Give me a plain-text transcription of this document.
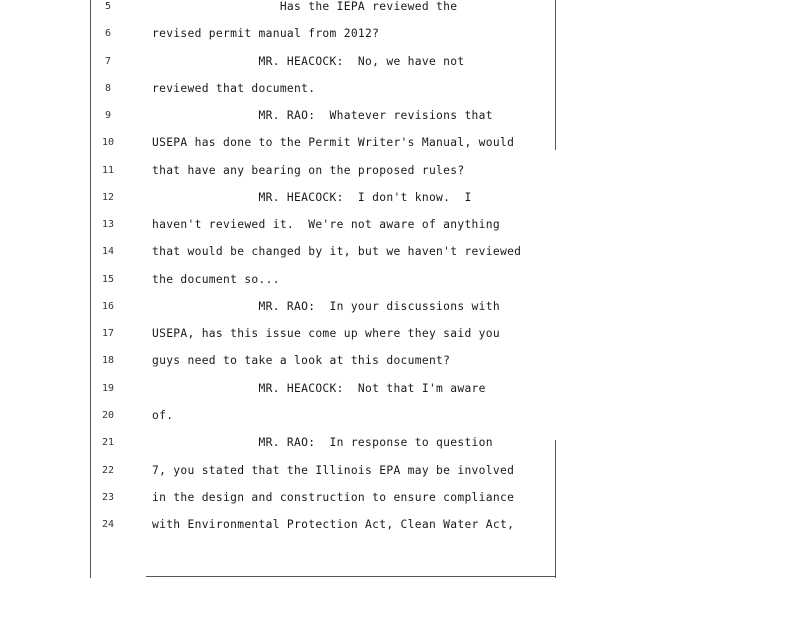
5	Has the IEPA reviewed the
6	revised permit manual from 2012?
7	MR. HEACOCK:  No, we have not
8	reviewed that document.
9	MR. RAO:  Whatever revisions that
10	USEPA has done to the Permit Writer's Manual, would
11	that have any bearing on the proposed rules?
12	MR. HEACOCK:  I don't know.  I
13	haven't reviewed it.  We're not aware of anything
14	that would be changed by it, but we haven't reviewed
15	the document so...
16	MR. RAO:  In your discussions with
17	USEPA, has this issue come up where they said you
18	guys need to take a look at this document?
19	MR. HEACOCK:  Not that I'm aware
20	of.
21	MR. RAO:  In response to question
22	7, you stated that the Illinois EPA may be involved
23	in the design and construction to ensure compliance
24	with Environmental Protection Act, Clean Water Act,
